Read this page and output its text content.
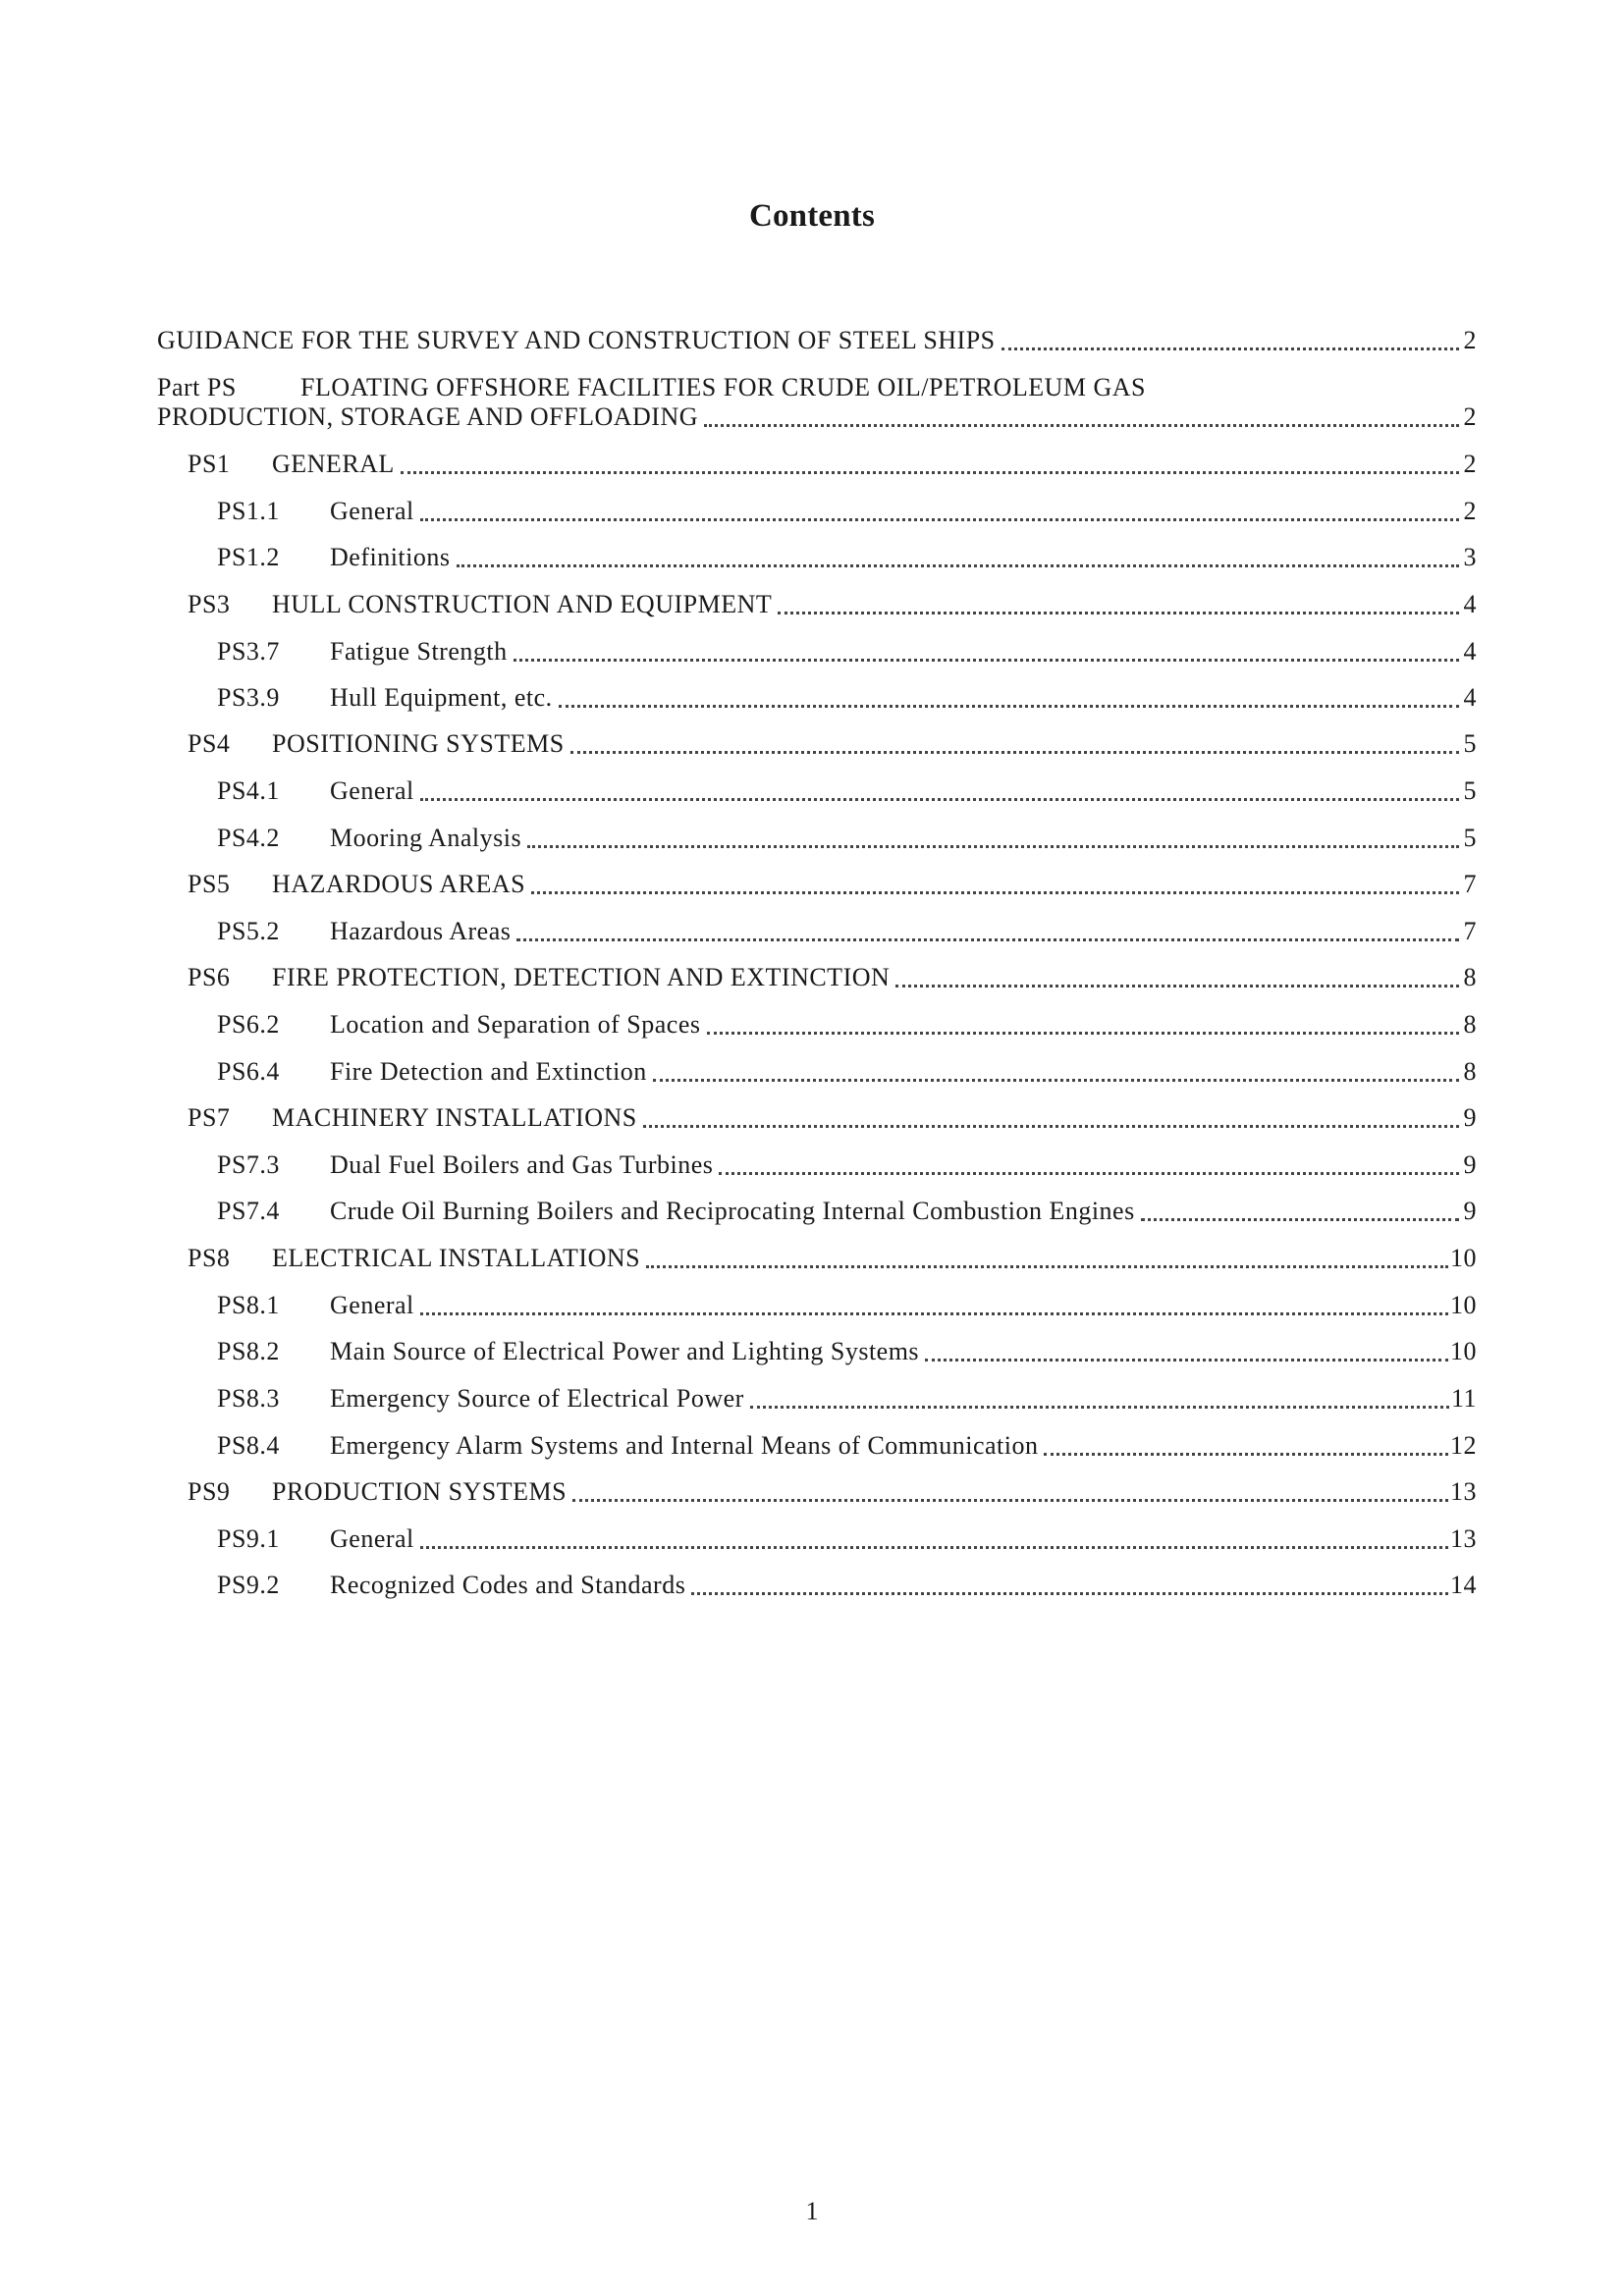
Contents
GUIDANCE FOR THE SURVEY AND CONSTRUCTION OF STEEL SHIPS	2
Part PS	FLOATING OFFSHORE FACILITIES FOR CRUDE OIL/PETROLEUM GAS
PRODUCTION, STORAGE AND OFFLOADING	2
PS1	GENERAL	2
PS1.1	General	2
PS1.2	Definitions	3
PS3	HULL CONSTRUCTION AND EQUIPMENT	4
PS3.7	Fatigue Strength	4
PS3.9	Hull Equipment, etc.	4
PS4	POSITIONING SYSTEMS	5
PS4.1	General	5
PS4.2	Mooring Analysis	5
PS5	HAZARDOUS AREAS	7
PS5.2	Hazardous Areas	7
PS6	FIRE PROTECTION, DETECTION AND EXTINCTION	8
PS6.2	Location and Separation of Spaces	8
PS6.4	Fire Detection and Extinction	8
PS7	MACHINERY INSTALLATIONS	9
PS7.3	Dual Fuel Boilers and Gas Turbines	9
PS7.4	Crude Oil Burning Boilers and Reciprocating Internal Combustion Engines	9
PS8	ELECTRICAL INSTALLATIONS	10
PS8.1	General	10
PS8.2	Main Source of Electrical Power and Lighting Systems	10
PS8.3	Emergency Source of Electrical Power	11
PS8.4	Emergency Alarm Systems and Internal Means of Communication	12
PS9	PRODUCTION SYSTEMS	13
PS9.1	General	13
PS9.2	Recognized Codes and Standards	14
1
